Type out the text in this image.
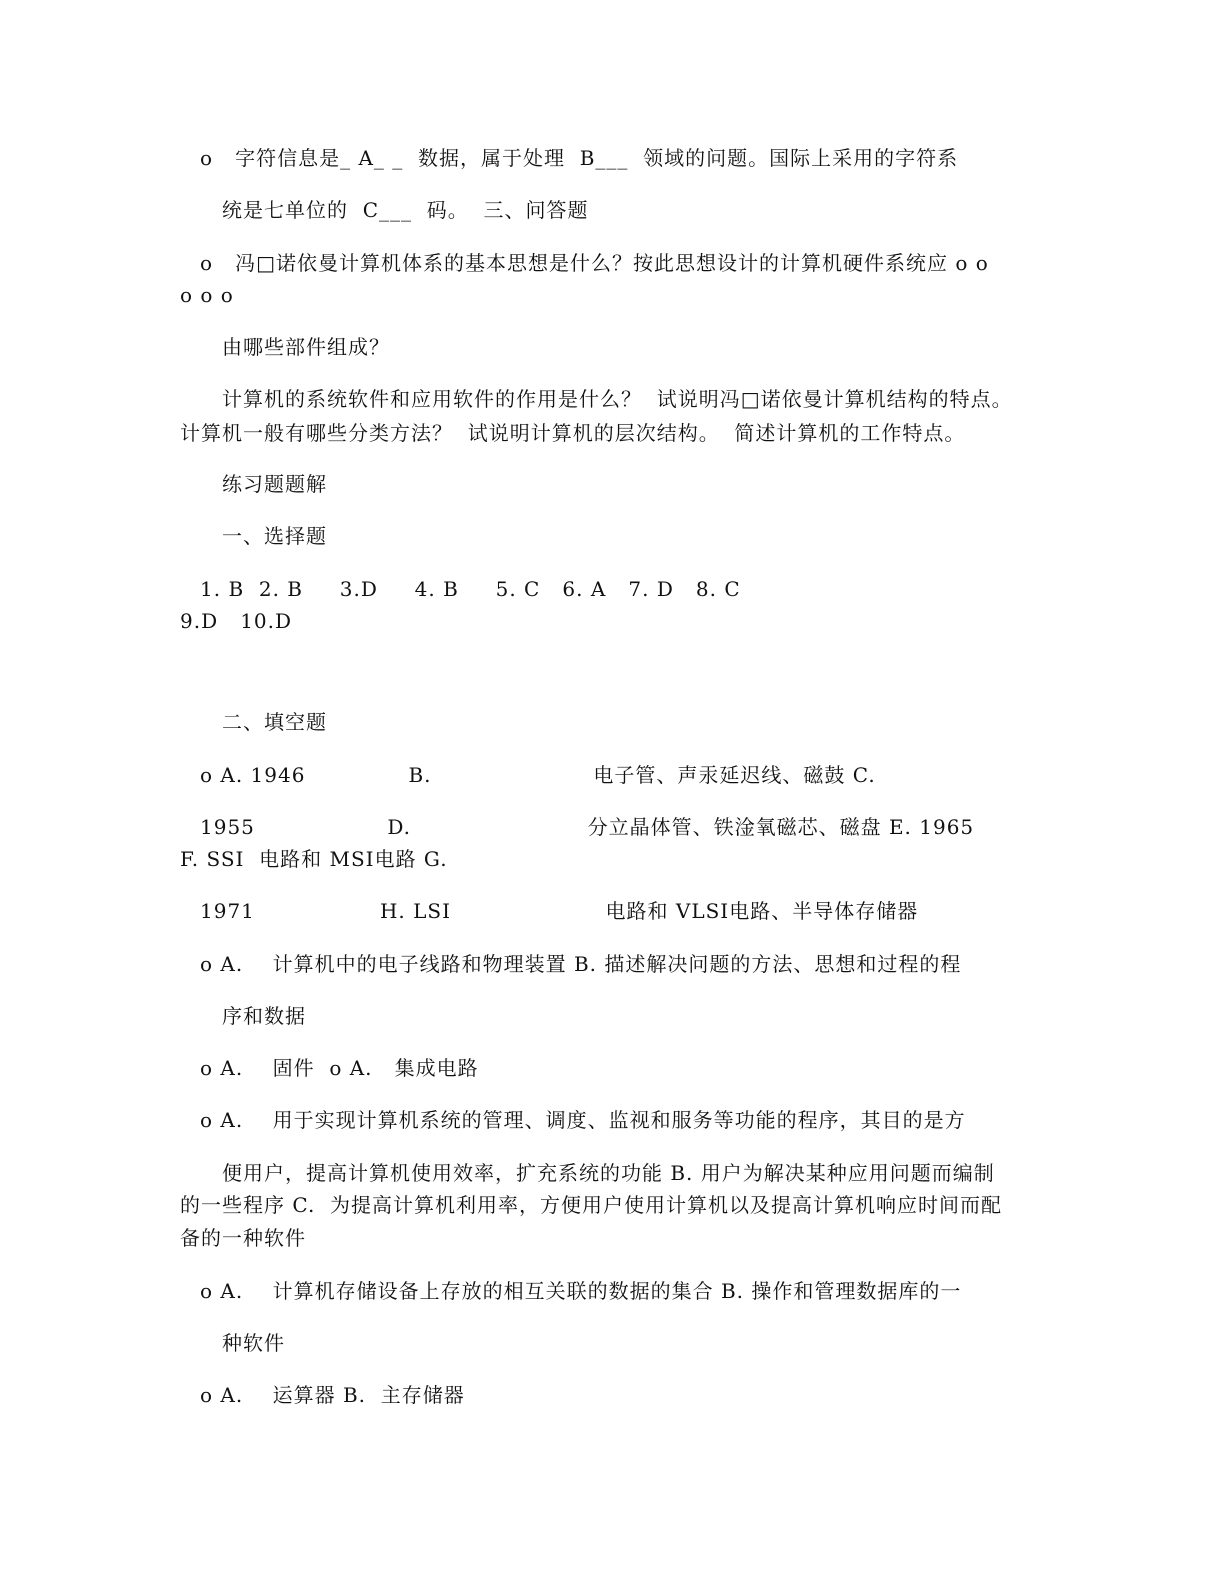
o   字符信息是_ A_ _  数据，属于处理  B___  领域的问题。国际上采用的字符系
统是七单位的  C___  码。  三、问答题
o   冯□诺依曼计算机体系的基本思想是什么？按此思想设计的计算机硬件系统应 o o
o o o
由哪些部件组成？
计算机的系统软件和应用软件的作用是什么？  试说明冯□诺依曼计算机结构的特点。
计算机一般有哪些分类方法？  试说明计算机的层次结构。  简述计算机的工作特点。
练习题题解
一、选择题
1. B  2. B     3.D     4. B     5. C   6. A   7. D   8. C
9.D   10.D
二、填空题
o A. 1946              B.                      电子管、声汞延迟线、磁鼓 C.
1955                  D.                        分立晶体管、铁淦氧磁芯、磁盘 E. 1965
F. SSI  电路和 MSI电路 G.
1971                 H. LSI                     电路和 VLSI电路、半导体存储器
o A.    计算机中的电子线路和物理装置 B. 描述解决问题的方法、思想和过程的程
序和数据
o A.    固件  o A.   集成电路
o A.    用于实现计算机系统的管理、调度、监视和服务等功能的程序，其目的是方
便用户，提高计算机使用效率，扩充系统的功能 B. 用户为解决某种应用问题而编制
的一些程序 C.  为提高计算机利用率，方便用户使用计算机以及提高计算机响应时间而配
备的一种软件
o A.    计算机存储设备上存放的相互关联的数据的集合 B. 操作和管理数据库的一
种软件
o A.    运算器 B.  主存储器
